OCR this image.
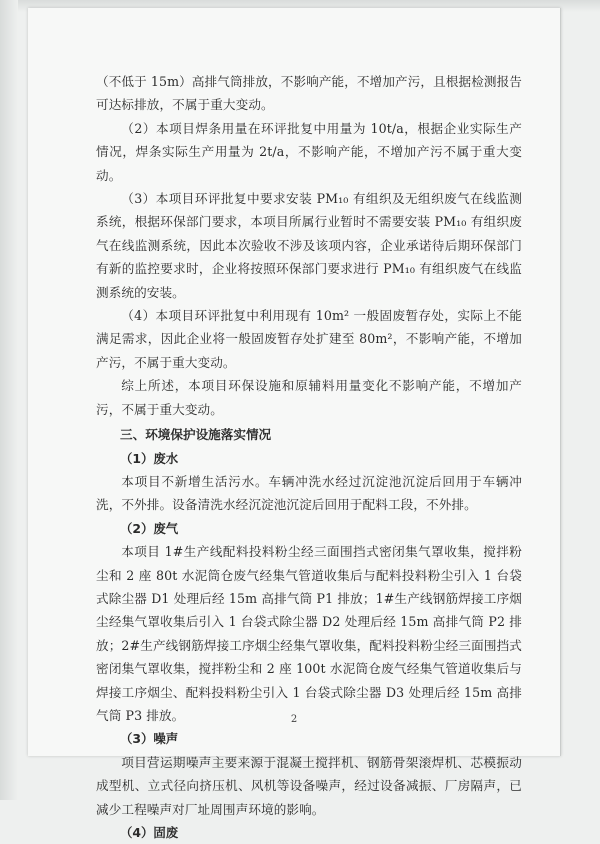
（不低于 15m）高排气筒排放，不影响产能，不增加产污，且根据检测报告可达标排放，不属于重大变动。

（2）本项目焊条用量在环评批复中用量为 10t/a，根据企业实际生产情况，焊条实际生产用量为 2t/a，不影响产能，不增加产污不属于重大变动。

（3）本项目环评批复中要求安装 PM₁₀ 有组织及无组织废气在线监测系统，根据环保部门要求，本项目所属行业暂时不需要安装 PM₁₀ 有组织废气在线监测系统，因此本次验收不涉及该项内容，企业承诺待后期环保部门有新的监控要求时，企业将按照环保部门要求进行 PM₁₀ 有组织废气在线监测系统的安装。

（4）本项目环评批复中利用现有 10m² 一般固废暂存处，实际上不能满足需求，因此企业将一般固废暂存处扩建至 80m²，不影响产能，不增加产污，不属于重大变动。

综上所述，本项目环保设施和原辅料用量变化不影响产能，不增加产污，不属于重大变动。

三、环境保护设施落实情况
（1）废水

本项目不新增生活污水。车辆冲洗水经过沉淀池沉淀后回用于车辆冲洗，不外排。设备清洗水经沉淀池沉淀后回用于配料工段，不外排。

（2）废气

本项目 1#生产线配料投料粉尘经三面围挡式密闭集气罩收集，搅拌粉尘和 2 座 80t 水泥筒仓废气经集气管道收集后与配料投料粉尘引入 1 台袋式除尘器 D1 处理后经 15m 高排气筒 P1 排放；1#生产线钢筋焊接工序烟尘经集气罩收集后引入 1 台袋式除尘器 D2 处理后经 15m 高排气筒 P2 排放；2#生产线钢筋焊接工序烟尘经集气罩收集，配料投料粉尘经三面围挡式密闭集气罩收集，搅拌粉尘和 2 座 100t 水泥筒仓废气经集气管道收集后与焊接工序烟尘、配料投料粉尘引入 1 台袋式除尘器 D3 处理后经 15m 高排气筒 P3 排放。

（3）噪声

项目营运期噪声主要来源于混凝土搅拌机、钢筋骨架滚焊机、芯模振动成型机、立式径向挤压机、风机等设备噪声，经过设备减振、厂房隔声，已减少工程噪声对厂址周围声环境的影响。

（4）固废
2
